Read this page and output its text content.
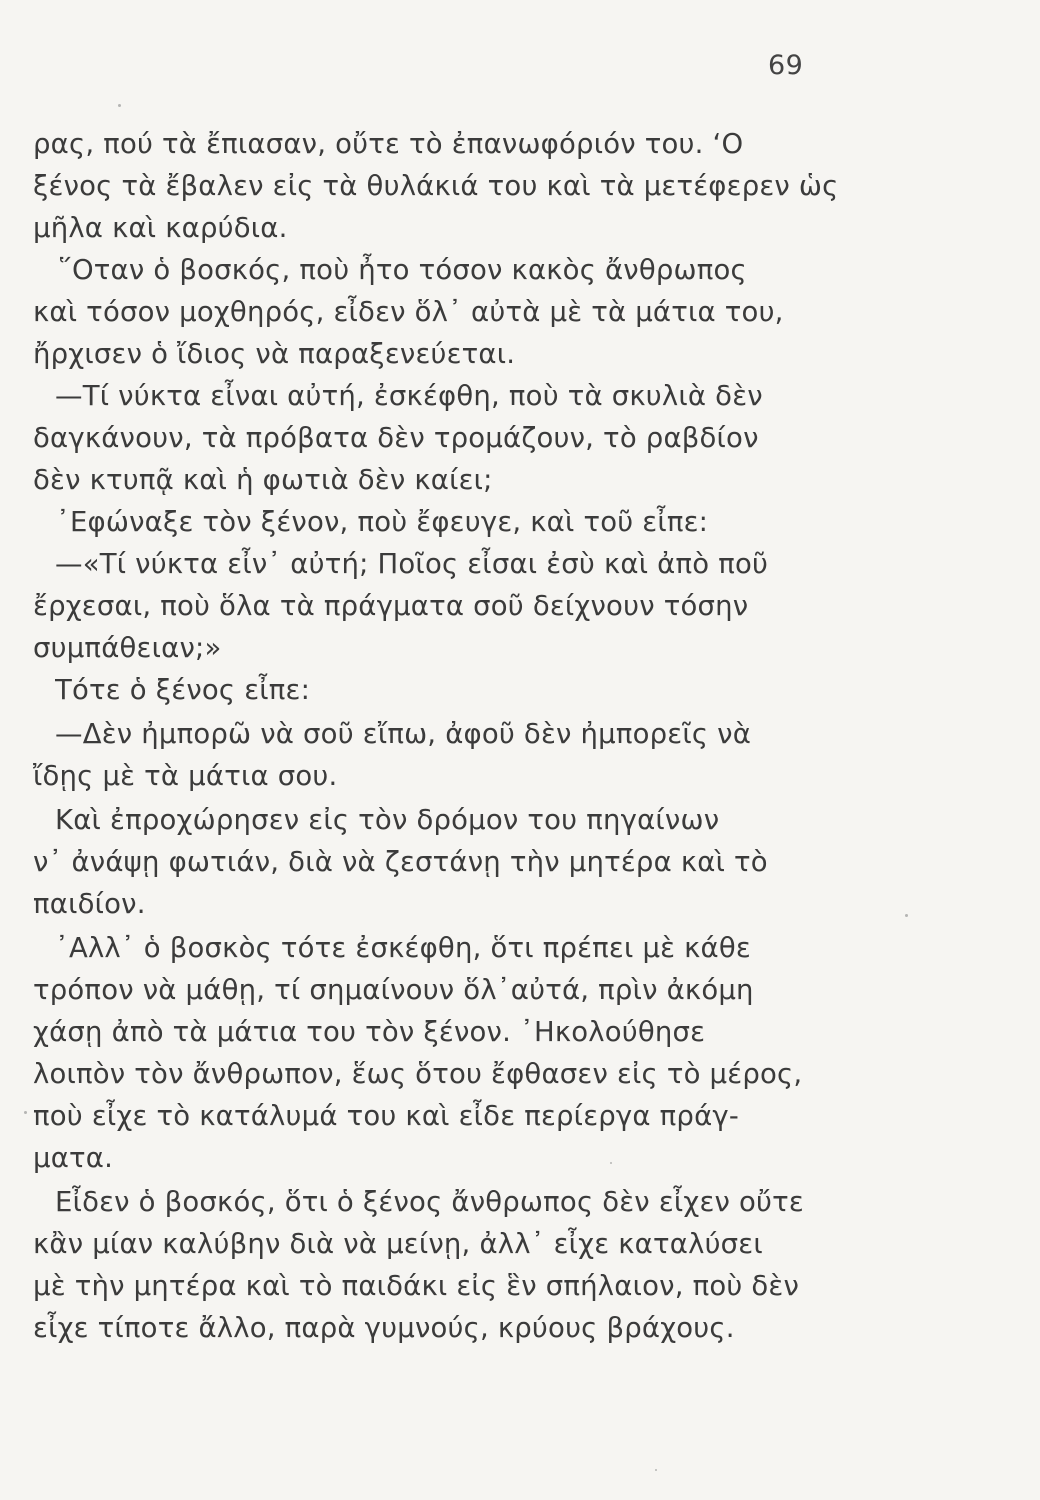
69
ρας, πού τὰ ἔπιασαν, οὔτε τὸ ἐπανωφόριόν του. ‘Ο
ξένος τὰ ἔβαλεν εἰς τὰ θυλάκιά του καὶ τὰ μετέφερεν ὡς
μῆλα καὶ καρύδια.
῞Οταν ὁ βοσκός, ποὺ ἦτο τόσον κακὸς ἄνθρωπος
καὶ τόσον μοχθηρός, εἶδεν ὅλ᾽ αὐτὰ μὲ τὰ μάτια του,
ἤρχισεν ὁ ἴδιος νὰ παραξενεύεται.
—Τί νύκτα εἶναι αὐτή, ἐσκέφθη, ποὺ τὰ σκυλιὰ δὲν
δαγκάνουν, τὰ πρόβατα δὲν τρομάζουν, τὸ ραβδίον
δὲν κτυπᾷ καὶ ἡ φωτιὰ δὲν καίει;
᾽Εφώναξε τὸν ξένον, ποὺ ἔφευγε, καὶ τοῦ εἶπε:
—«Τί νύκτα εἶν᾽ αὐτή; Ποῖος εἶσαι ἐσὺ καὶ ἀπὸ ποῦ
ἔρχεσαι, ποὺ ὅλα τὰ πράγματα σοῦ δείχνουν τόσην
συμπάθειαν;»
Τότε ὁ ξένος εἶπε:
—Δὲν ἠμπορῶ νὰ σοῦ εἴπω, ἀφοῦ δὲν ἠμπορεῖς νὰ
ἴδῃς μὲ τὰ μάτια σου.
Καὶ ἐπροχώρησεν εἰς τὸν δρόμον του πηγαίνων
ν᾽ ἀνάψῃ φωτιάν, διὰ νὰ ζεστάνῃ τὴν μητέρα καὶ τὸ
παιδίον.
᾽Αλλ᾽ ὁ βοσκὸς τότε ἐσκέφθη, ὅτι πρέπει μὲ κάθε
τρόπον νὰ μάθῃ, τί σημαίνουν ὅλ᾽αὐτά, πρὶν ἀκόμη
χάσῃ ἀπὸ τὰ μάτια του τὸν ξένον. ᾽Ηκολούθησε
λοιπὸν τὸν ἄνθρωπον, ἕως ὅτου ἔφθασεν εἰς τὸ μέρος,
ποὺ εἶχε τὸ κατάλυμά του καὶ εἶδε περίεργα πράγ-
ματα.
Εἶδεν ὁ βοσκός, ὅτι ὁ ξένος ἄνθρωπος δὲν εἶχεν οὔτε
κἂν μίαν καλύβην διὰ νὰ μείνῃ, ἀλλ᾽ εἶχε καταλύσει
μὲ τὴν μητέρα καὶ τὸ παιδάκι εἰς ἓν σπήλαιον, ποὺ δὲν
εἶχε τίποτε ἄλλο, παρὰ γυμνούς, κρύους βράχους.
